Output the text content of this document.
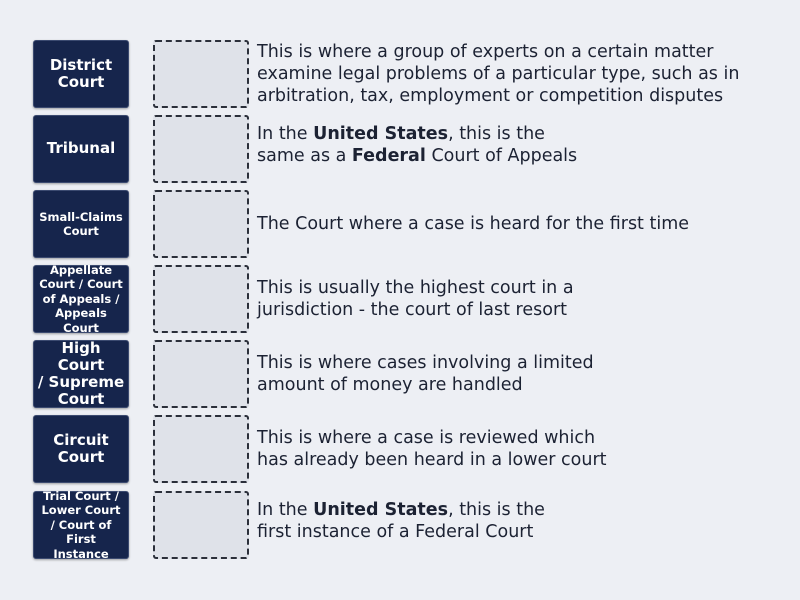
District
Court
This is where a group of experts on a certain matter
examine legal problems of a particular type, such as in
arbitration, tax, employment or competition disputes
Tribunal
In the United States, this is the
same as a Federal Court of Appeals
Small-Claims
Court	The Court where a case is heard for the first time
Appellate
Court / Court
of Appeals /
Appeals Court
This is usually the highest court in a
jurisdiction - the court of last resort
High Court
/ Supreme
Court
This is where cases involving a limited
amount of money are handled
Circuit
Court
This is where a case is reviewed which
has already been heard in a lower court
Trial Court /
Lower Court
/ Court of
First Instance
In the United States, this is the
first instance of a Federal Court
